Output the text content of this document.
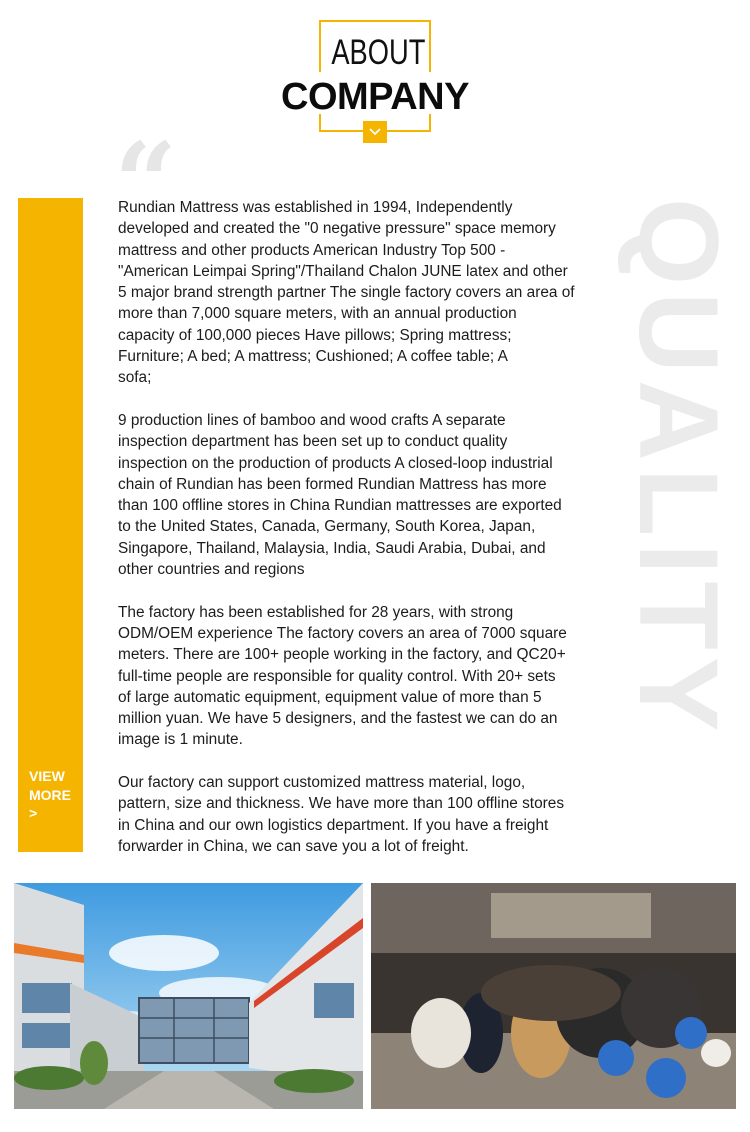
ABOUT
COMPANY
“
QUALITY
VIEW
MORE
>

Rundian Mattress was established in 1994, Independently
developed and created the "0 negative pressure" space memory
mattress and other products American Industry Top 500 -
"American Leimpai Spring"/Thailand Chalon JUNE latex and other
5 major brand strength partner The single factory covers an area of
more than 7,000 square meters, with an annual production
capacity of 100,000 pieces Have pillows; Spring mattress;
Furniture; A bed; A mattress; Cushioned; A coffee table; A
sofa;

9 production lines of bamboo and wood crafts A separate
inspection department has been set up to conduct quality
inspection on the production of products A closed-loop industrial
chain of Rundian has been formed Rundian Mattress has more
than 100 offline stores in China Rundian mattresses are exported
to the United States, Canada, Germany, South Korea, Japan,
Singapore, Thailand, Malaysia, India, Saudi Arabia, Dubai, and
other countries and regions

The factory has been established for 28 years, with strong
ODM/OEM experience The factory covers an area of 7000 square
meters. There are 100+ people working in the factory, and QC20+
full-time people are responsible for quality control. With 20+ sets
of large automatic equipment, equipment value of more than 5
million yuan. We have 5 designers, and the fastest we can do an
image is 1 minute.

Our factory can support customized mattress material, logo,
pattern, size and thickness. We have more than 100 offline stores
in China and our own logistics department. If you have a freight
forwarder in China, we can save you a lot of freight.
